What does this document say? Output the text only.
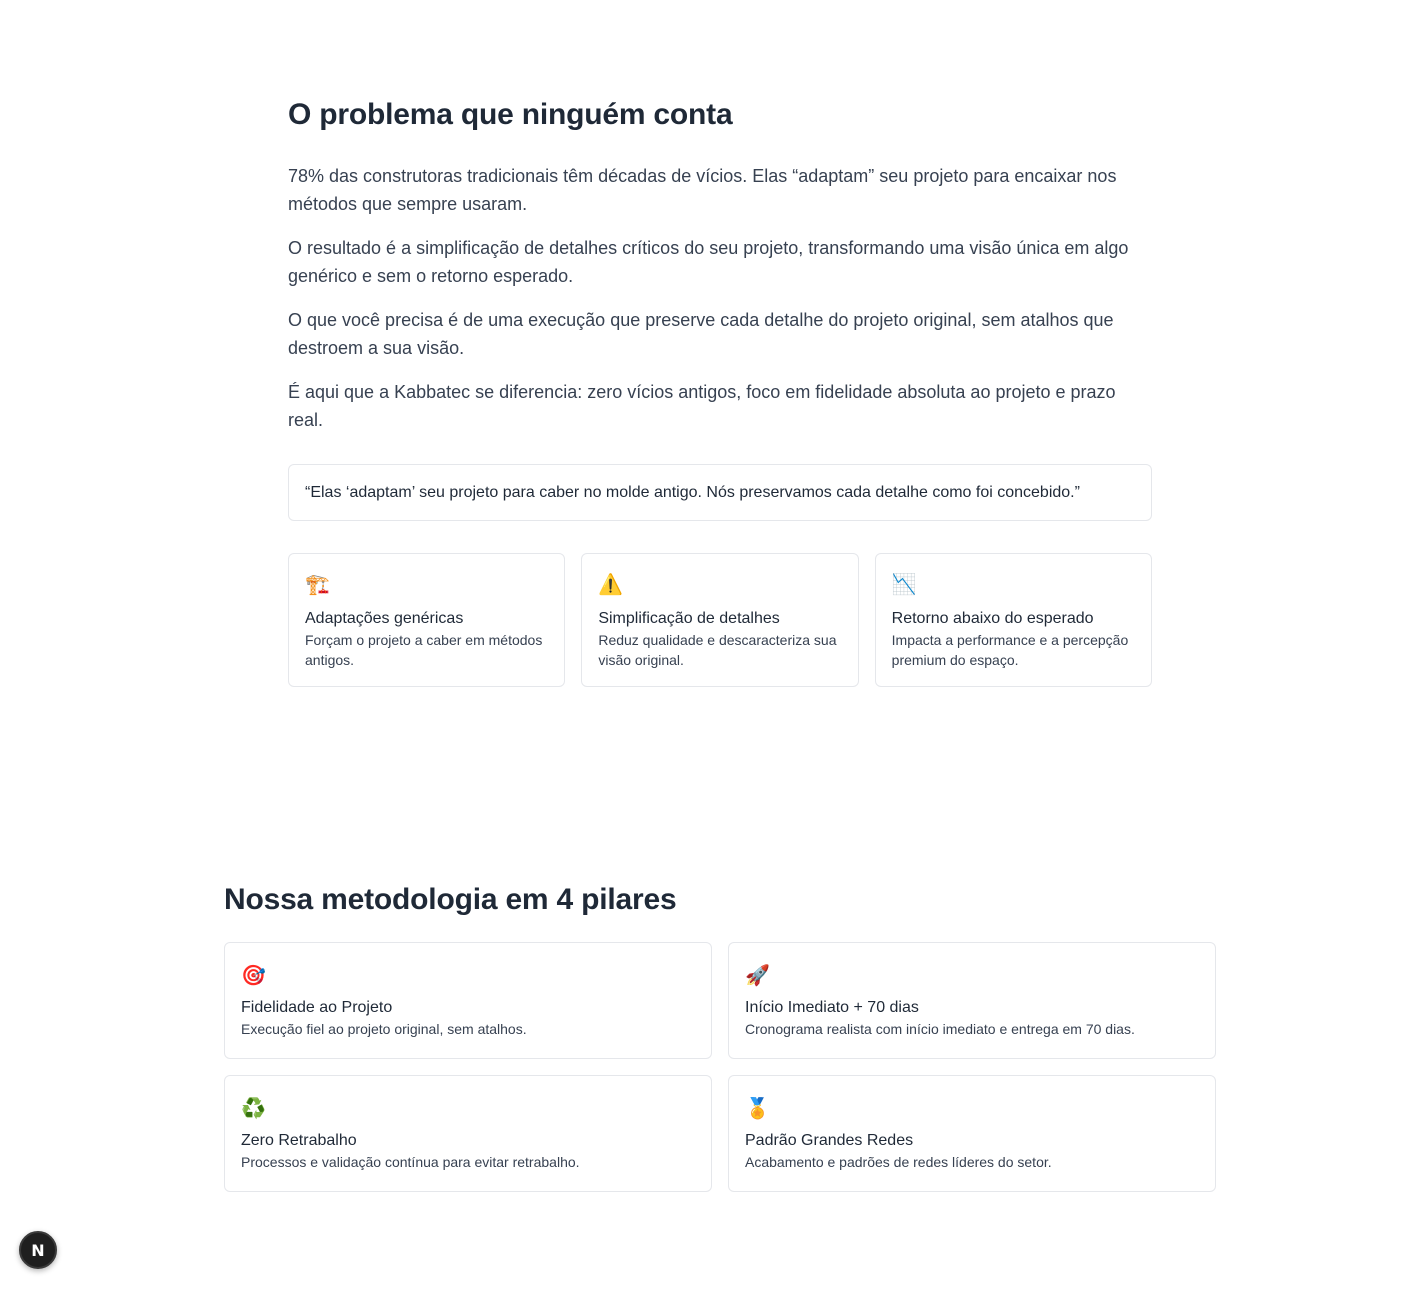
O problema que ninguém conta

78% das construtoras tradicionais têm décadas de vícios. Elas “adaptam” seu projeto para encaixar nos métodos que sempre usaram.

O resultado é a simplificação de detalhes críticos do seu projeto, transformando uma visão única em algo genérico e sem o retorno esperado.

O que você precisa é de uma execução que preserve cada detalhe do projeto original, sem atalhos que destroem a sua visão.

É aqui que a Kabbatec se diferencia: zero vícios antigos, foco em fidelidade absoluta ao projeto e prazo real.

“Elas ‘adaptam’ seu projeto para caber no molde antigo. Nós preservamos cada detalhe como foi concebido.”
🏗️
Adaptações genéricas
Forçam o projeto a caber em métodos antigos.
⚠️
Simplificação de detalhes
Reduz qualidade e descaracteriza sua visão original.
📉
Retorno abaixo do esperado
Impacta a performance e a percepção premium do espaço.
Nossa metodologia em 4 pilares
🎯
Fidelidade ao Projeto
Execução fiel ao projeto original, sem atalhos.
🚀
Início Imediato + 70 dias
Cronograma realista com início imediato e entrega em 70 dias.
♻️
Zero Retrabalho
Processos e validação contínua para evitar retrabalho.
🏅
Padrão Grandes Redes
Acabamento e padrões de redes líderes do setor.
N
